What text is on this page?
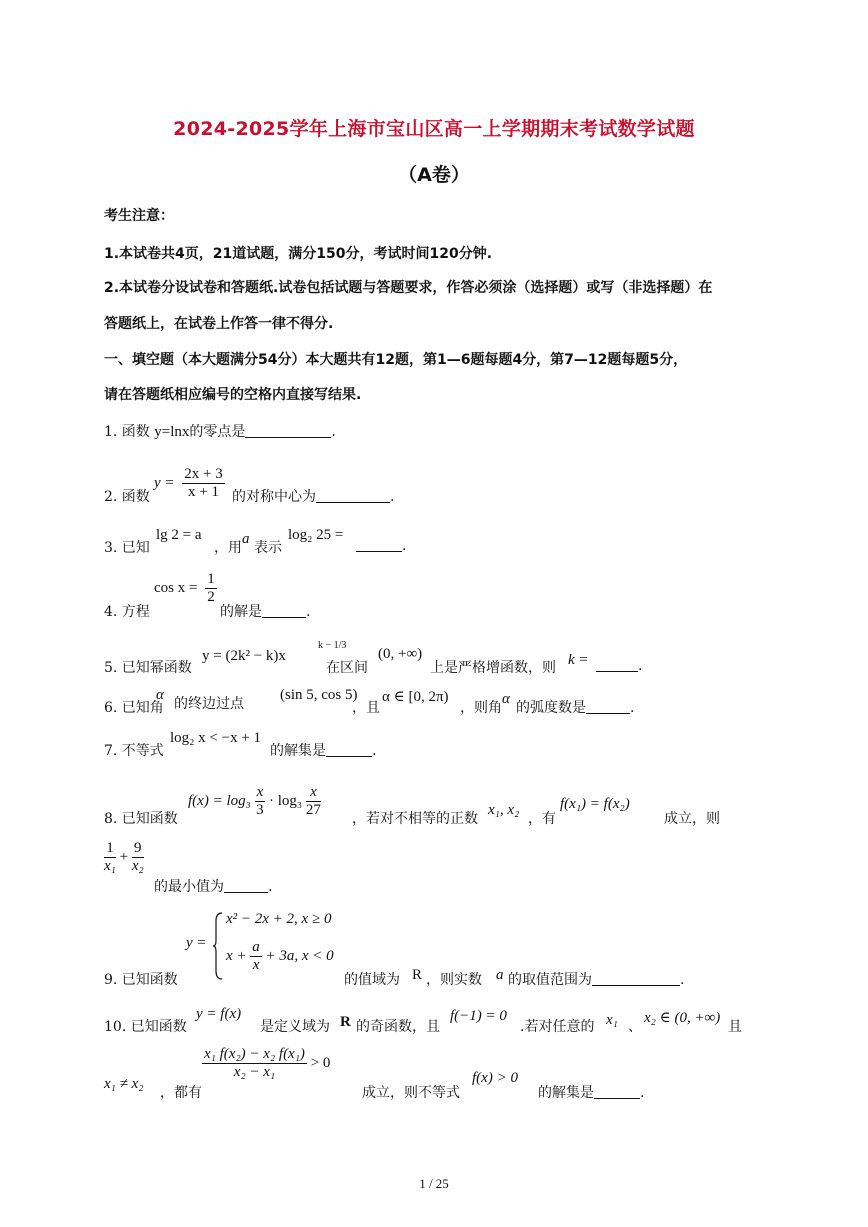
2024-2025学年上海市宝山区高一上学期期末考试数学试题
（A卷）
考生注意：
1.本试卷共4页，21道试题，满分150分，考试时间120分钟.
2.本试卷分设试卷和答题纸.试卷包括试题与答题要求，作答必须涂（选择题）或写（非选择题）在
答题纸上，在试卷上作答一律不得分.
一、填空题（本大题满分54分）本大题共有12题，第1—6题每题4分，第7—12题每题5分，
请在答题纸相应编号的空格内直接写结果.
1. 函数 y=lnx的零点是	.
2. 函数
$y = \frac{2x + 3}{x + 1}$ 的对称中心为	.
3. 已知
lg 2 = a
，用
a
表示
log₂ 25 =
.
4. 方程
$\cos x = \frac{1}{2}$
的解是	.
5. 已知幂函数
y = (2k² − k)x
k − 1/3
在区间
(0, +∞)
上是严格增函数，则 k =	.
6. 已知角
α
的终边过点
(sin 5, cos 5)
，且
α ∈ [0, 2π)
，则角
α
的弧度数是	.
7. 不等式
log₂ x < −x + 1
的解集是	.
8. 已知函数
$f(x) = \log_3 \frac{x}{3} \cdot \log_3 \frac{x}{27}$ ，若对不相等的正数
x₁, x₂
，有
f(x₁) = f(x₂)
成立，则
$\frac{1}{\text{x₁}} + \frac{9}{\text{x₂}}$
的最小值为	.
9. 已知函数
y =
x² − 2x + 2, x ≥ 0
$x + \frac{a}{x} + 3a$, x < 0
的值域为 R ，则实数 a 的取值范围为	.
10. 已知函数
y = f(x)
是定义域为 R 的奇函数，且
f(−1) = 0
.若对任意的 x₁ 、
x₂ ∈ (0, +∞)
且
x₁ ≠ x₂
，都有
$\frac{\text{x₁ f(x₂) − x₂ f(x₁)}}{\text{x₂ − x₁}} > 0$
成立，则不等式
f(x) > 0
的解集是	.
1 / 25
